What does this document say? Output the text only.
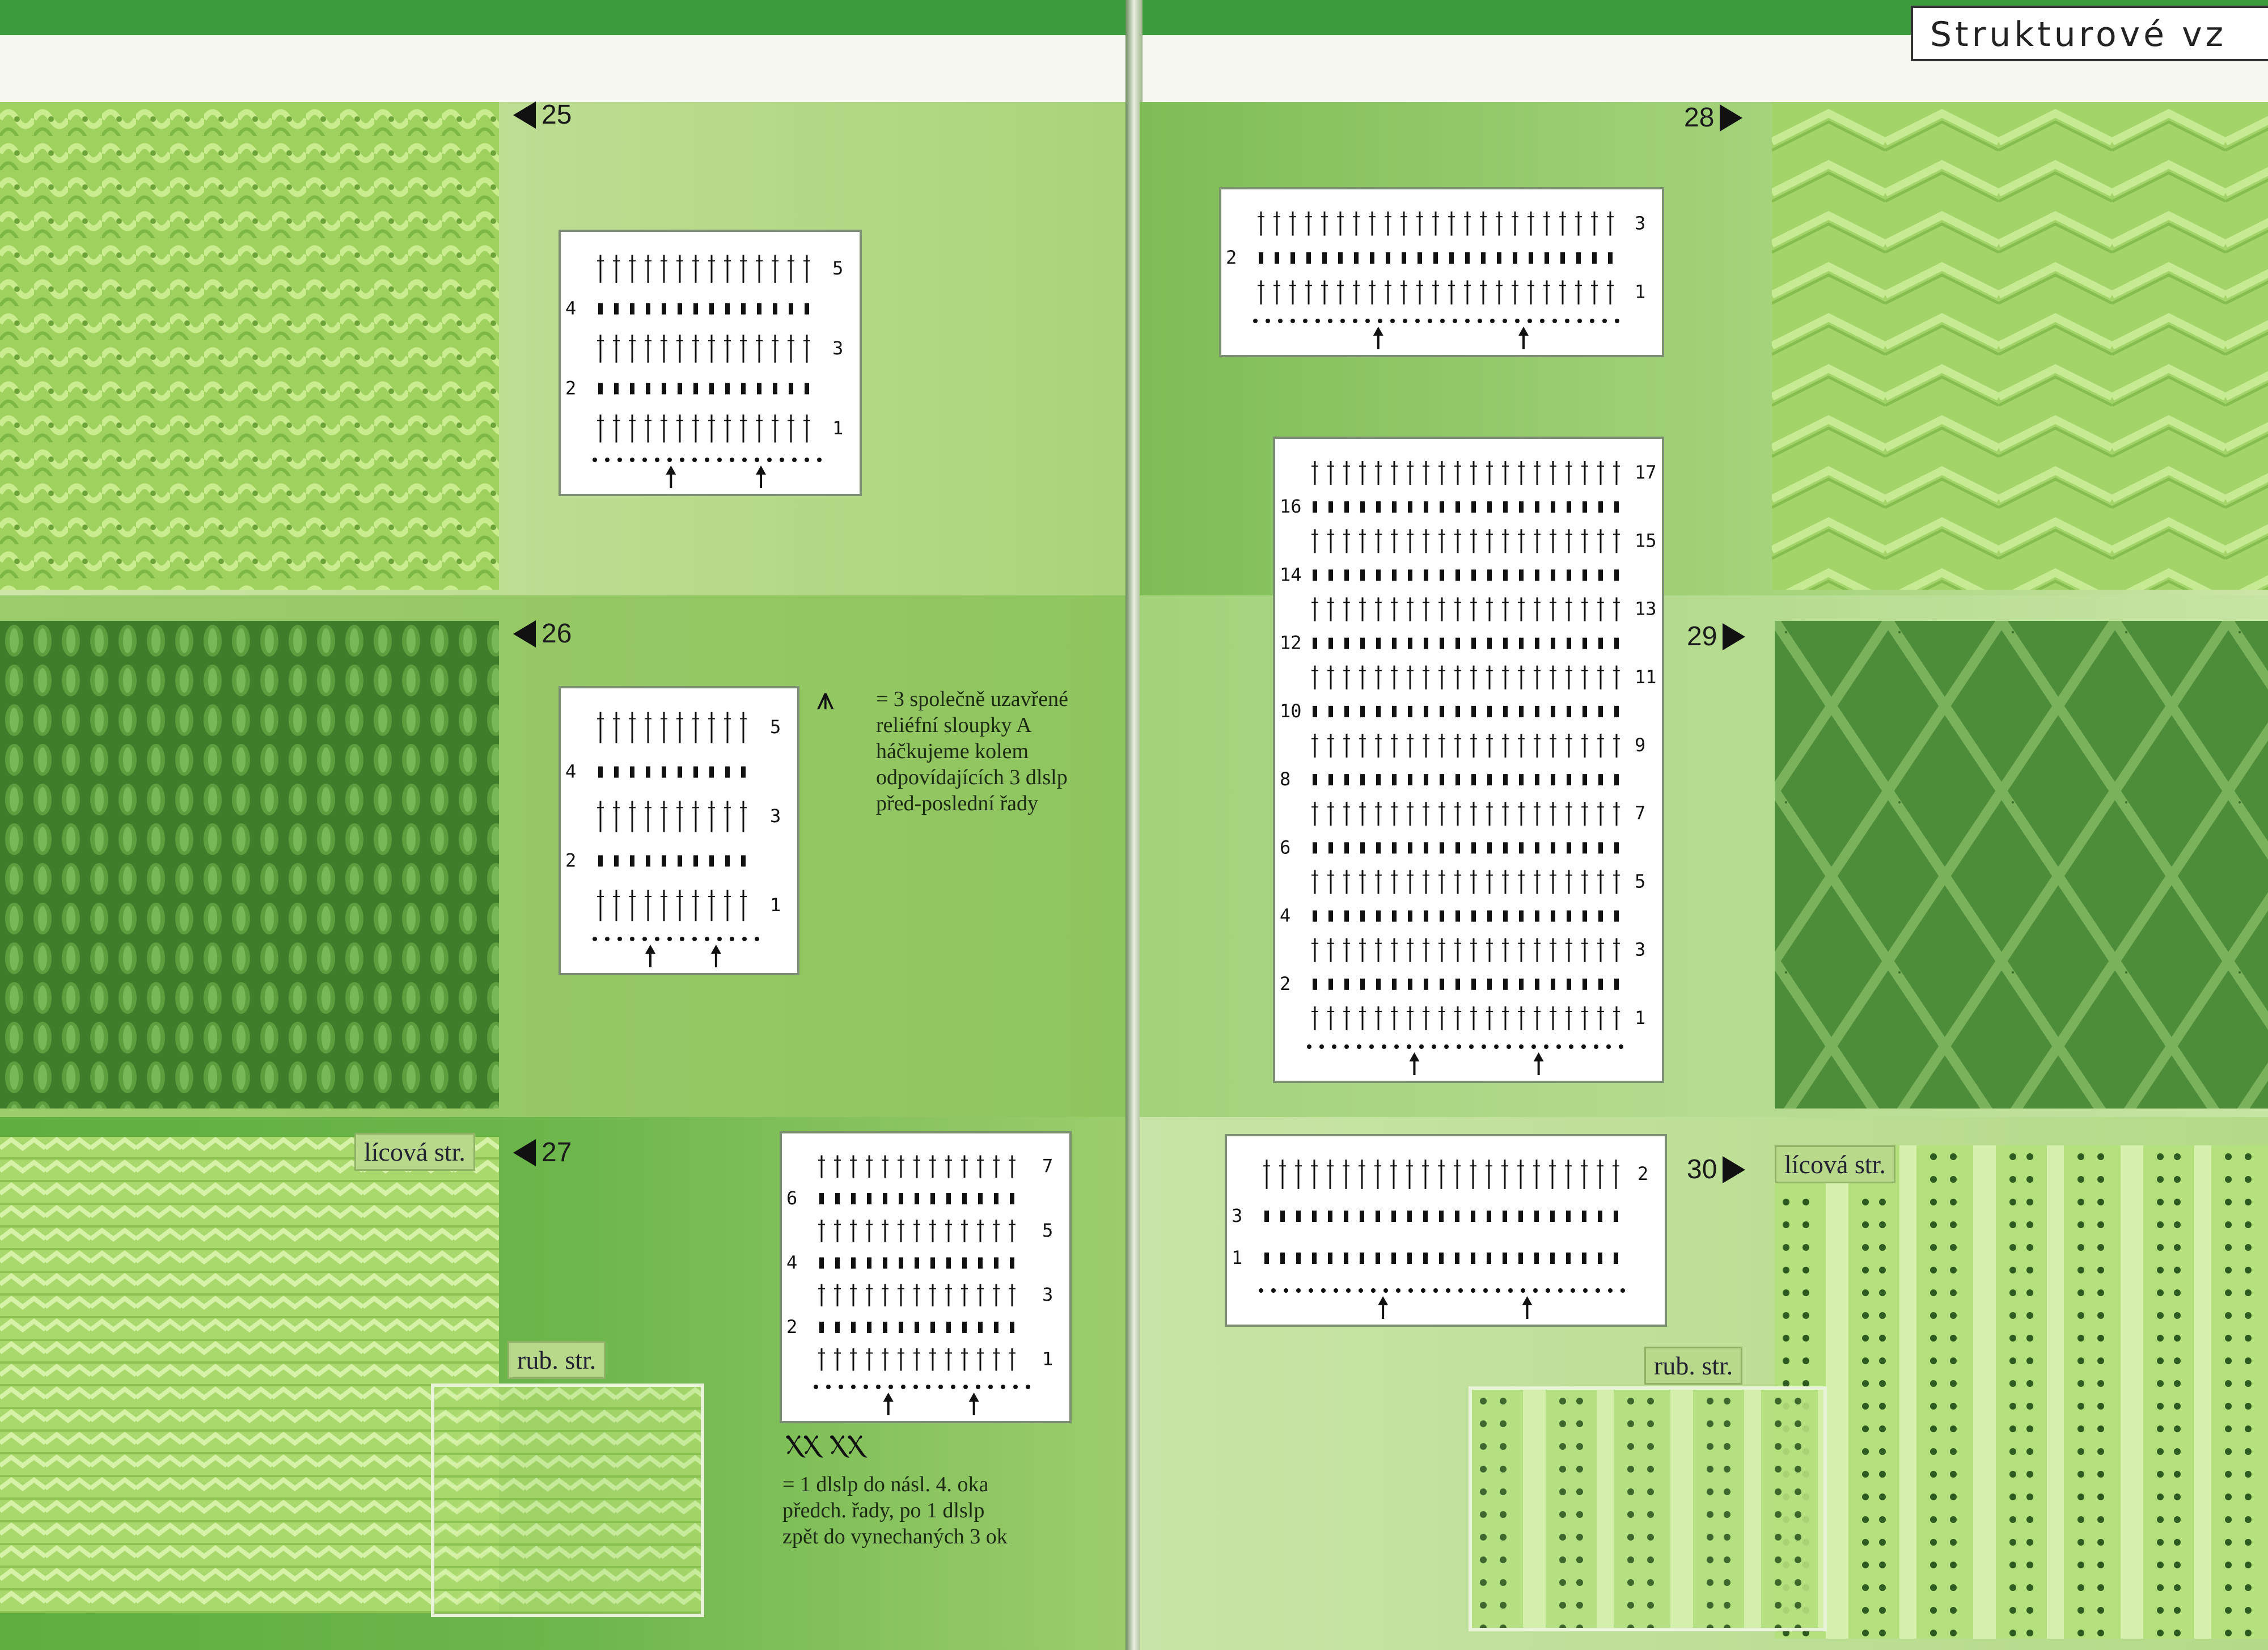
Strukturové vz
25
26
27
28
29
30
lícová str.
rub. str.
lícová str.
rub. str.
⩚ = 3 společně uzavřené reliéfní sloupky A háčkujeme kolem odpovídajících 3 dlslp před-poslední řady
ⲬⲬ ⲬⲬ
= 1 dlslp do násl. 4. oka předch. řady, po 1 dlslp zpět do vynechaných 3 ok
5
4
3
2
1
5
4
3
2
1
7
6
5
4
3
2
1
3
2
1
17
16
15
14
13
12
11
10
9
8
7
6
5
4
3
2
1
2
3
1
